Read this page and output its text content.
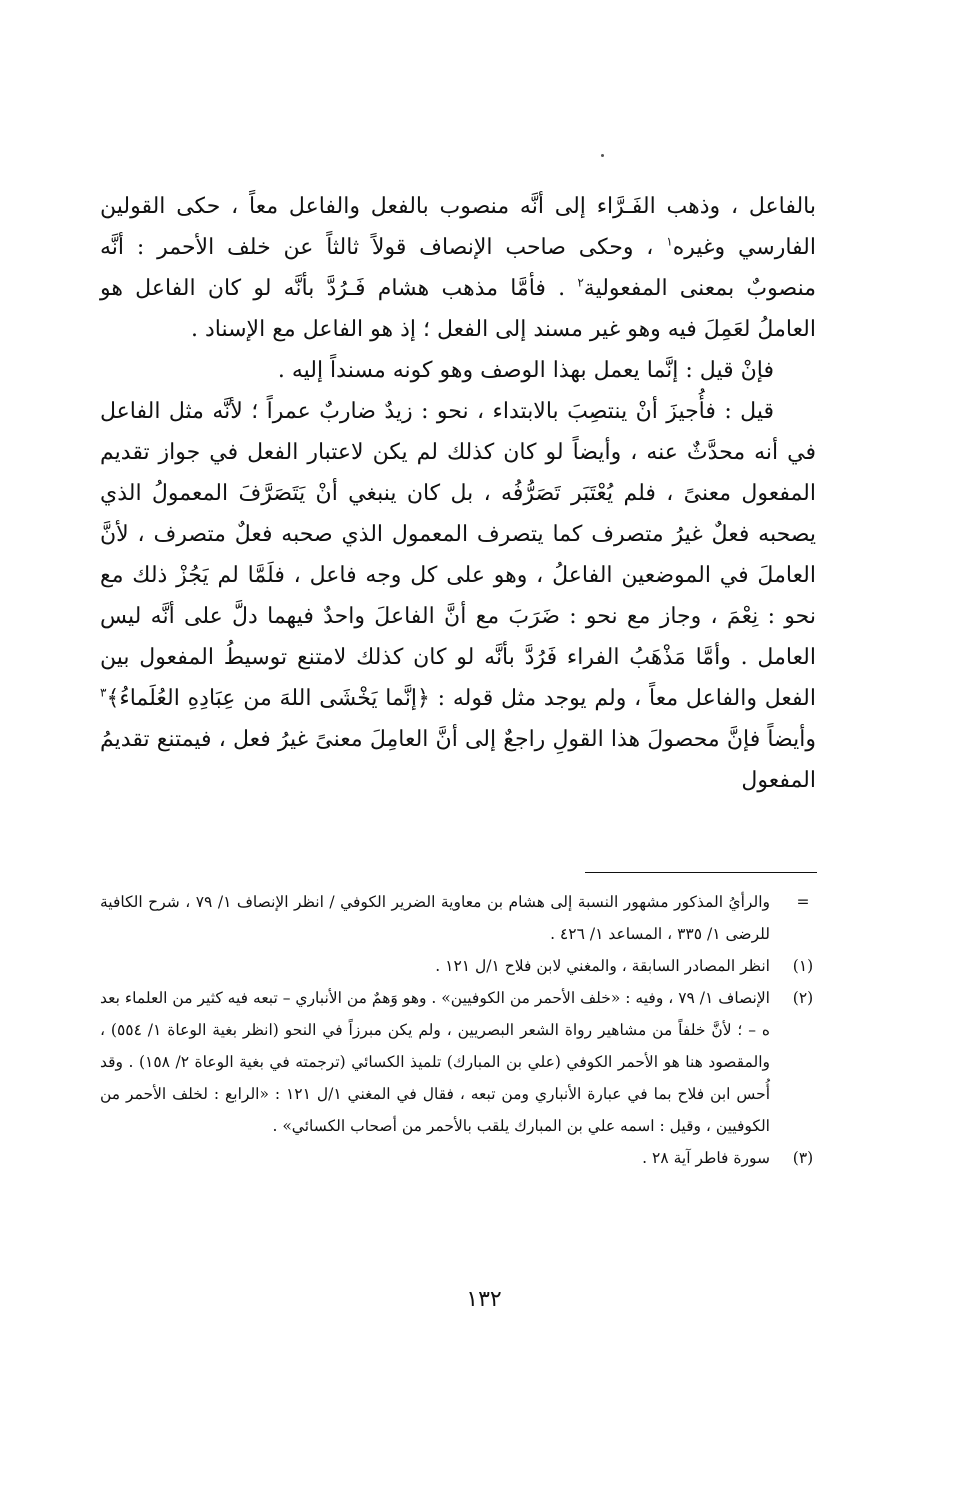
بالفاعل ، وذهب الفَـرَّاء إلى أنَّه منصوب بالفعل والفاعل معاً ، حكى القولين الفارسي وغيره$^١$ ، وحكى صاحب الإنصاف قولاً ثالثاً عن خلف الأحمر : أنَّه منصوبٌ بمعنى المفعولية$^٢$ . فأمَّا مذهب هشام فَـرُدَّ بأنَّه لو كان الفاعل هو العاملُ لعَمِلَ فيه وهو غير مسند إلى الفعل ؛ إذ هو الفاعل مع الإسناد .

فإنْ قيل : إنَّما يعمل بهذا الوصف وهو كونه مسنداً إليه .

قيل : فأُجيزَ أنْ ينتصِبَ بالابتداء ، نحو : زيدٌ ضاربٌ عمراً ؛ لأنَّه مثل الفاعل في أنه محدَّثٌ عنه ، وأيضاً لو كان كذلك لم يكن لاعتبار الفعل في جواز تقديم المفعول معنىً ، فلم يُعْتَبَر تَصَرُّفُه ، بل كان ينبغي أنْ يَتَصَرَّفَ المعمولُ الذي يصحبه فعلٌ غيرُ متصرف كما يتصرف المعمول الذي صحبه فعلٌ متصرف ، لأنَّ العاملَ في الموضعين الفاعلُ ، وهو على كل وجه فاعل ، فلَمَّا لم يَجُزْ ذلك مع نحو : نِعْمَ ، وجاز مع نحو : ضَرَبَ مع أنَّ الفاعلَ واحدٌ فيهما دلَّ على أنَّه ليس العامل . وأمَّا مَذْهَبُ الفراء فَرُدَّ بأنَّه لو كان كذلك لامتنع توسيطُ المفعول بين الفعل والفاعل معاً ، ولم يوجد مثل قوله : ﴿إنَّما يَخْشَى اللهَ من عِبَادِهِ العُلَماءُ﴾$^٣$ وأيضاً فإنَّ محصولَ هذا القولِ راجعٌ إلى أنَّ العامِلَ معنىً غيرُ فعل ، فيمتنع تقديمُ المفعول

=
والرأيُ المذكور مشهور النسبة إلى هشام بن معاوية الضرير الكوفي / انظر الإنصاف ١/ ٧٩ ، شرح الكافية للرضى ١/ ٣٣٥ ، المساعد ١/ ٤٢٦ .
(١)
انظر المصادر السابقة ، والمغني لابن فلاح ١/ل ١٢١ .
(٢)
الإنصاف ١/ ٧٩ ، وفيه : «خلف الأحمر من الكوفيين» . وهو وَهمٌ من الأنباري – تبعه فيه كثير من العلماء بعد ه – ؛ لأنَّ خلفاً من مشاهير رواة الشعر البصريين ، ولم يكن مبرزاً في النحو (انظر بغية الوعاة ١/ ٥٥٤) ، والمقصود هنا هو الأحمر الكوفي (علي بن المبارك) تلميذ الكسائي (ترجمته في بغية الوعاة ٢/ ١٥٨) . وقد أُحس ابن فلاح بما في عبارة الأنباري ومن تبعه ، فقال في المغني ١/ل ١٢١ : «الرابع : لخلف الأحمر من الكوفيين ، وقيل : اسمه علي بن المبارك يلقب بالأحمر من أصحاب الكسائي» .
(٣)
سورة فاطر آية ٢٨ .
١٣٢
